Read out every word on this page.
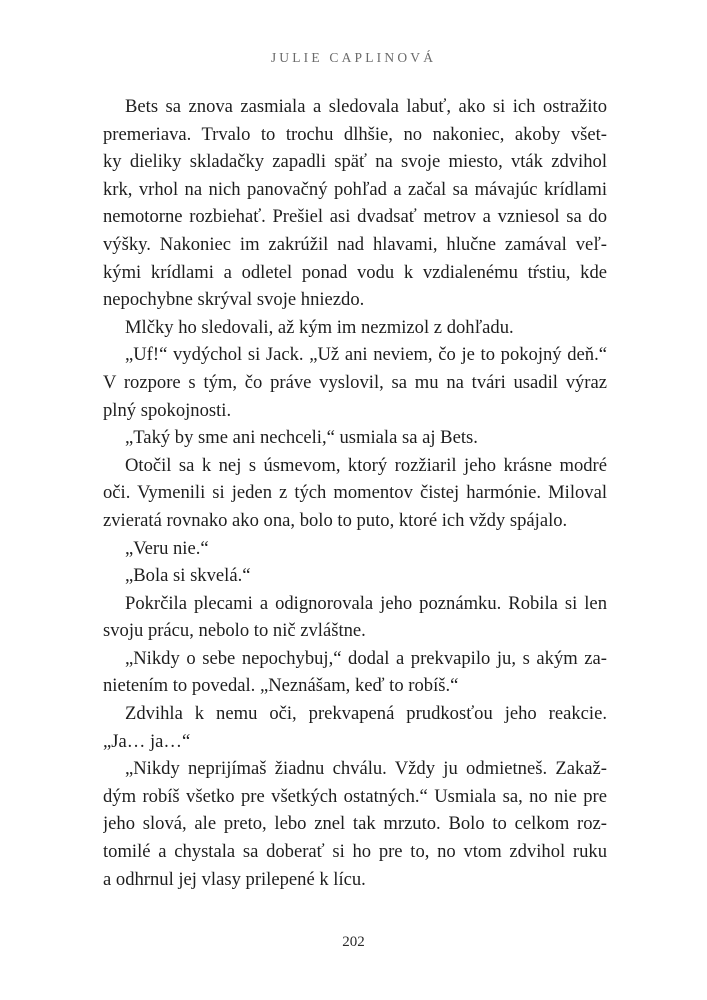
JULIE CAPLINOVÁ
Bets sa znova zasmiala a sledovala labuť, ako si ich ostražito
premeriava. Trvalo to trochu dlhšie, no nakoniec, akoby všet-
ky dieliky skladačky zapadli späť na svoje miesto, vták zdvihol
krk, vrhol na nich panovačný pohľad a začal sa mávajúc krídlami
nemotorne rozbiehať. Prešiel asi dvadsať metrov a vzniesol sa do
výšky. Nakoniec im zakrúžil nad hlavami, hlučne zamával veľ-
kými krídlami a odletel ponad vodu k vzdialenému tŕstiu, kde
nepochybne skrýval svoje hniezdo.
Mlčky ho sledovali, až kým im nezmizol z dohľadu.
„Uf!“ vydýchol si Jack. „Už ani neviem, čo je to pokojný deň.“
V rozpore s tým, čo práve vyslovil, sa mu na tvári usadil výraz
plný spokojnosti.
„Taký by sme ani nechceli,“ usmiala sa aj Bets.
Otočil sa k nej s úsmevom, ktorý rozžiaril jeho krásne modré
oči. Vymenili si jeden z tých momentov čistej harmónie. Miloval
zvieratá rovnako ako ona, bolo to puto, ktoré ich vždy spájalo.
„Veru nie.“
„Bola si skvelá.“
Pokrčila plecami a odignorovala jeho poznámku. Robila si len
svoju prácu, nebolo to nič zvláštne.
„Nikdy o sebe nepochybuj,“ dodal a prekvapilo ju, s akým za-
nietením to povedal. „Neznášam, keď to robíš.“
Zdvihla k nemu oči, prekvapená prudkosťou jeho reakcie.
„Ja… ja…“
„Nikdy neprijímaš žiadnu chválu. Vždy ju odmietneš. Zakaž-
dým robíš všetko pre všetkých ostatných.“ Usmiala sa, no nie pre
jeho slová, ale preto, lebo znel tak mrzuto. Bolo to celkom roz-
tomilé a chystala sa doberať si ho pre to, no vtom zdvihol ruku
a odhrnul jej vlasy prilepené k lícu.
202
